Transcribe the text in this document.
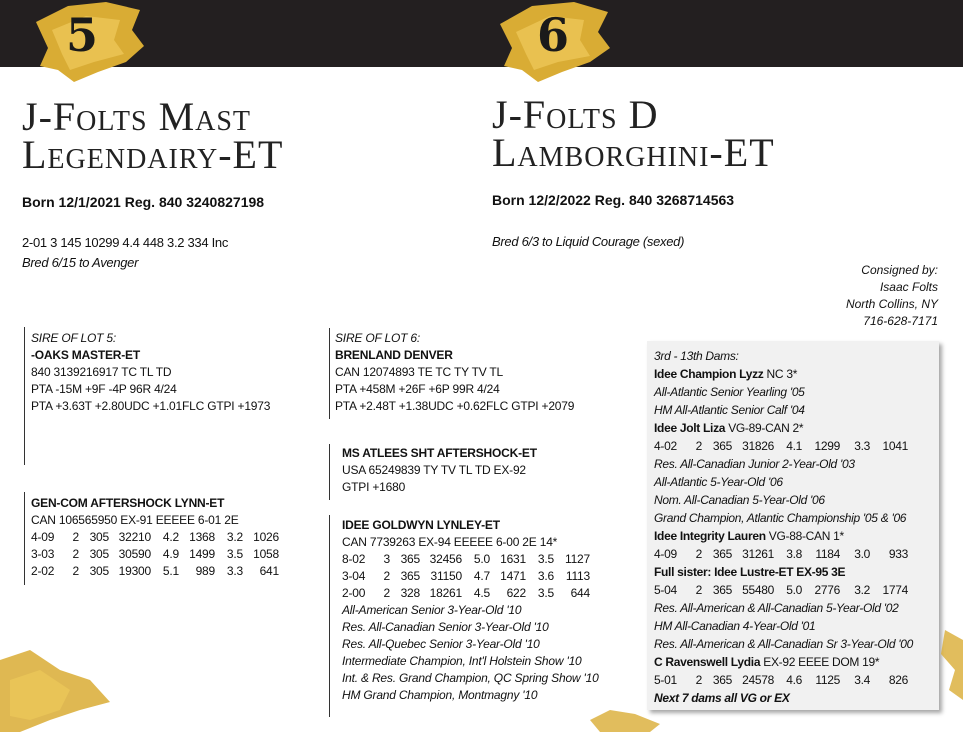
5	6
J-Folts Mast
Legendairy-ET
J-Folts D
Lamborghini-ET
Born 12/1/2021 Reg. 840 3240827198	Born 12/2/2022 Reg. 840 3268714563
2-01 3 145 10299 4.4 448 3.2 334 Inc
Bred 6/15 to Avenger
Bred 6/3 to Liquid Courage (sexed)
Consigned by:
Isaac Folts
North Collins, NY
716-628-7171
SIRE OF LOT 5:
-OAKS MASTER-ET
840 3139216917 TC TL TD
PTA -15M +9F -4P 96R 4/24
PTA +3.63T +2.80UDC +1.01FLC GTPI +1973
GEN-COM AFTERSHOCK LYNN-ET
CAN 106565950 EX-91 EEEEE 6-01 2E
4-09 2 305 32210 4.2 1368 3.2 1026
3-03 2 305 30590 4.9 1499 3.5 1058
2-02 2 305 19300 5.1 989 3.3 641
SIRE OF LOT 6:
BRENLAND DENVER
CAN 12074893 TE TC TY TV TL
PTA +458M +26F +6P 99R 4/24
PTA +2.48T +1.38UDC +0.62FLC GTPI +2079
MS ATLEES SHT AFTERSHOCK-ET
USA 65249839 TY TV TL TD EX-92
GTPI +1680
IDEE GOLDWYN LYNLEY-ET
CAN 7739263 EX-94 EEEEE 6-00 2E 14*
8-02 3 365 32456 5.0 1631 3.5 1127
3-04 2 365 31150 4.7 1471 3.6 1113
2-00 2 328 18261 4.5 622 3.5 644
All-American Senior 3-Year-Old '10
Res. All-Canadian Senior 3-Year-Old '10
Res. All-Quebec Senior 3-Year-Old '10
Intermediate Champion, Int'l Holstein Show '10
Int. & Res. Grand Champion, QC Spring Show '10
HM Grand Champion, Montmagny '10
3rd - 13th Dams:
Idee Champion Lyzz NC 3*
All-Atlantic Senior Yearling '05
HM All-Atlantic Senior Calf '04
Idee Jolt Liza VG-89-CAN 2*
4-02 2 365 31826 4.1 1299 3.3 1041
Res. All-Canadian Junior 2-Year-Old '03
All-Atlantic 5-Year-Old '06
Nom. All-Canadian 5-Year-Old '06
Grand Champion, Atlantic Championship '05 & '06
Idee Integrity Lauren VG-88-CAN 1*
4-09 2 365 31261 3.8 1184 3.0 933
Full sister: Idee Lustre-ET EX-95 3E
5-04 2 365 55480 5.0 2776 3.2 1774
Res. All-American & All-Canadian 5-Year-Old '02
HM All-Canadian 4-Year-Old '01
Res. All-American & All-Canadian Sr 3-Year-Old '00
C Ravenswell Lydia EX-92 EEEE DOM 19*
5-01 2 365 24578 4.6 1125 3.4 826
Next 7 dams all VG or EX
